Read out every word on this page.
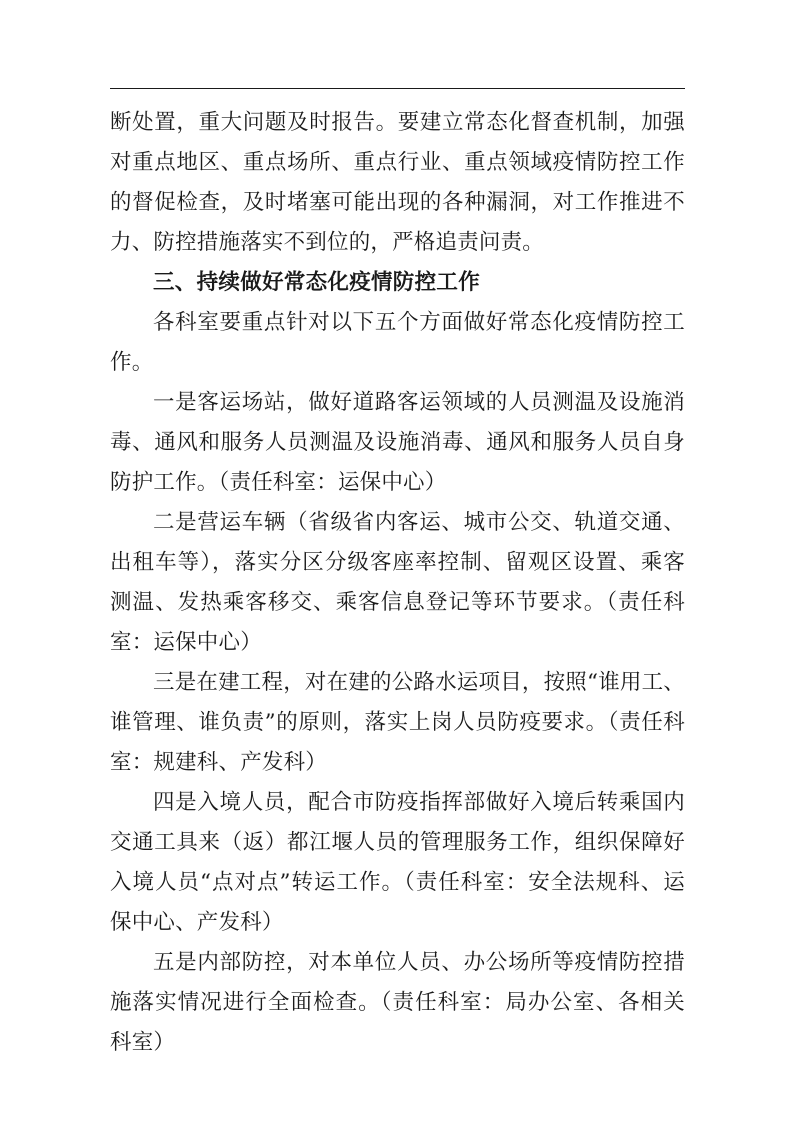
断处置，重大问题及时报告。要建立常态化督查机制，加强对重点地区、重点场所、重点行业、重点领域疫情防控工作的督促检查，及时堵塞可能出现的各种漏洞，对工作推进不力、防控措施落实不到位的，严格追责问责。

三、持续做好常态化疫情防控工作

各科室要重点针对以下五个方面做好常态化疫情防控工作。

一是客运场站，做好道路客运领域的人员测温及设施消毒、通风和服务人员测温及设施消毒、通风和服务人员自身防护工作。（责任科室：运保中心）

二是营运车辆（省级省内客运、城市公交、轨道交通、出租车等），落实分区分级客座率控制、留观区设置、乘客测温、发热乘客移交、乘客信息登记等环节要求。（责任科室：运保中心）

三是在建工程，对在建的公路水运项目，按照“谁用工、谁管理、谁负责”的原则，落实上岗人员防疫要求。（责任科室：规建科、产发科）

四是入境人员，配合市防疫指挥部做好入境后转乘国内交通工具来（返）都江堰人员的管理服务工作，组织保障好入境人员“点对点”转运工作。（责任科室：安全法规科、运保中心、产发科）

五是内部防控，对本单位人员、办公场所等疫情防控措施落实情况进行全面检查。（责任科室：局办公室、各相关科室）
